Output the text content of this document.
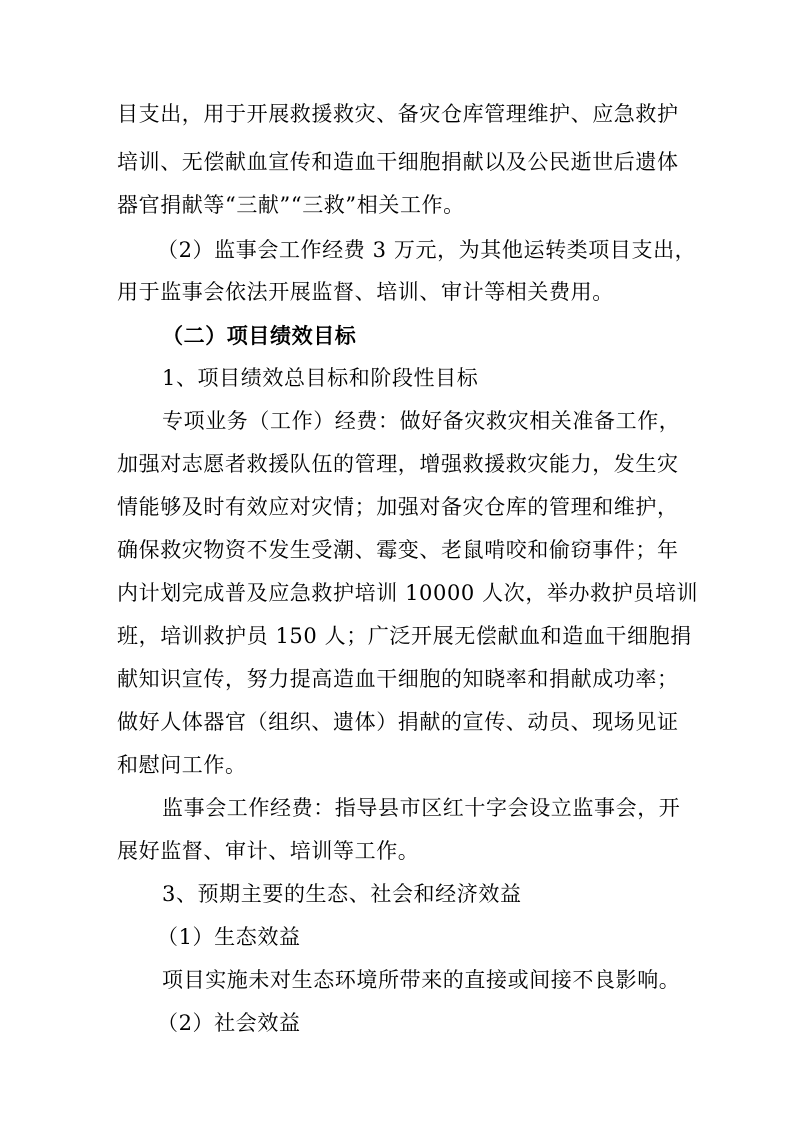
目支出，用于开展救援救灾、备灾仓库管理维护、应急救护
培训、无偿献血宣传和造血干细胞捐献以及公民逝世后遗体
器官捐献等“三献”“三救”相关工作。
（2）监事会工作经费 3 万元，为其他运转类项目支出，
用于监事会依法开展监督、培训、审计等相关费用。
（二）项目绩效目标
1、项目绩效总目标和阶段性目标
专项业务（工作）经费：做好备灾救灾相关准备工作，
加强对志愿者救援队伍的管理，增强救援救灾能力，发生灾
情能够及时有效应对灾情；加强对备灾仓库的管理和维护，
确保救灾物资不发生受潮、霉变、老鼠啃咬和偷窃事件；年
内计划完成普及应急救护培训 10000 人次，举办救护员培训
班，培训救护员 150 人；广泛开展无偿献血和造血干细胞捐
献知识宣传，努力提高造血干细胞的知晓率和捐献成功率；
做好人体器官（组织、遗体）捐献的宣传、动员、现场见证
和慰问工作。
监事会工作经费：指导县市区红十字会设立监事会，开
展好监督、审计、培训等工作。
3、预期主要的生态、社会和经济效益
（1）生态效益
项目实施未对生态环境所带来的直接或间接不良影响。
（2）社会效益
